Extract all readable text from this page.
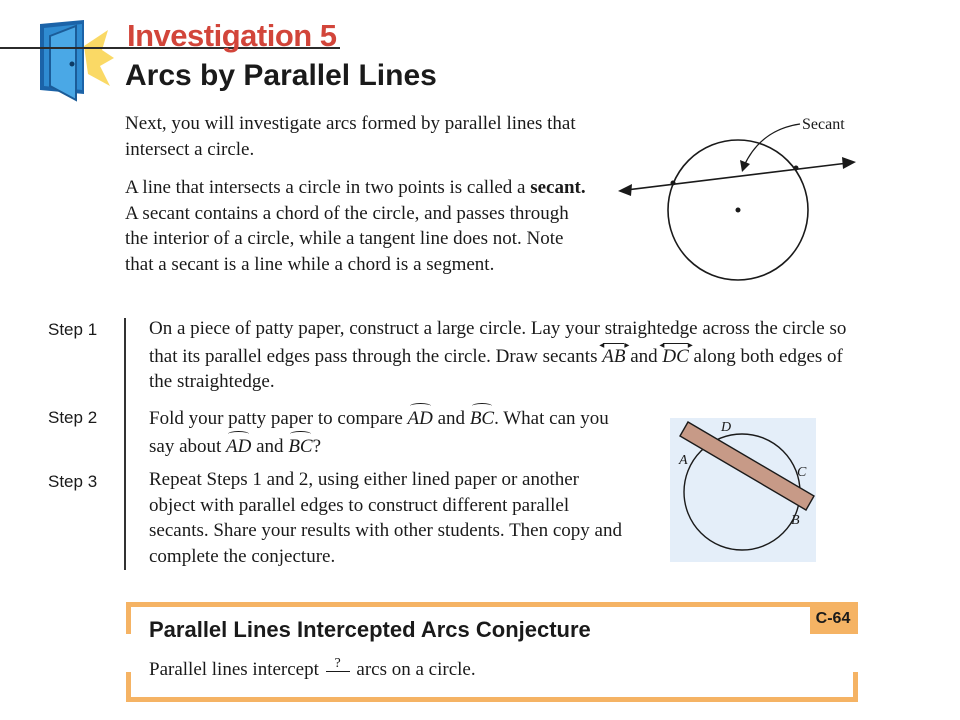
Investigation 5
Arcs by Parallel Lines
Next, you will investigate arcs formed by parallel lines that intersect a circle.
A line that intersects a circle in two points is called a secant. A secant contains a chord of the circle, and passes through the interior of a circle, while a tangent line does not. Note that a secant is a line while a chord is a segment.
Secant
Step 1	On a piece of patty paper, construct a large circle. Lay your straightedge across the circle so that its parallel edges pass through the circle. Draw secants
◂
AB ▸ and
◂
DC ▸ along both edges of the straightedge.
Step 2	Fold your patty paper to compare AD and BC. What can you say about AD and BC?
Step 3	Repeat Steps 1 and 2, using either lined paper or another object with parallel edges to construct different parallel secants. Share your results with other students. Then copy and complete the conjecture.
D
A
C
B
C-64
Parallel Lines Intercepted Arcs Conjecture
Parallel lines intercept ? arcs on a circle.
